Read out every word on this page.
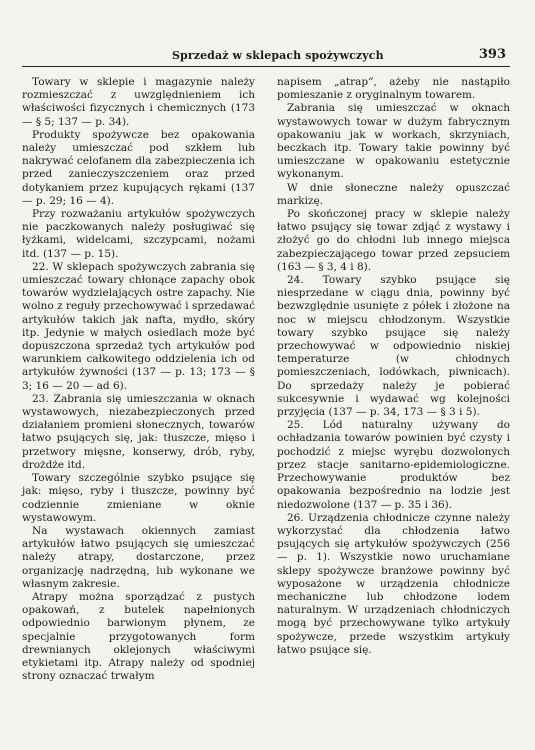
Sprzedaż w sklepach spożywczych	393

Towary w sklepie i magazynie należy rozmieszczać z uwzględnieniem ich właściwości fizycznych i chemicznych (173 — § 5; 137 — p. 34).

Produkty spożywcze bez opakowania należy umieszczać pod szkłem lub nakrywać celofanem dla zabezpieczenia ich przed zanieczyszczeniem oraz przed dotykaniem przez kupujących rękami (137 — p. 29; 16 — 4).

Przy rozważaniu artykułów spożywczych nie paczkowanych należy posługiwać się łyżkami, widelcami, szczypcami, nożami itd. (137 — p. 15).

22. W sklepach spożywczych zabrania się umieszczać towary chłonące zapachy obok towarów wydzielających ostre zapachy. Nie wolno z reguły przechowywać i sprzedawać artykułów takich jak nafta, mydło, skóry itp. Jedynie w małych osiedlach może być dopuszczona sprzedaż tych artykułów pod warunkiem całkowitego oddzielenia ich od artykułów żywności (137 — p. 13; 173 — § 3; 16 — 20 — ad 6).

23. Zabrania się umieszczania w oknach wystawowych, niezabezpieczonych przed działaniem promieni słonecznych, towarów łatwo psujących się, jak: tłuszcze, mięso i przetwory mięsne, konserwy, drób, ryby, drożdże itd.

Towary szczególnie szybko psujące się jak: mięso, ryby i tłuszcze, powinny być codziennie zmieniane w oknie wystawowym.

Na wystawach okiennych zamiast artykułów łatwo psujących się umieszczać należy atrapy, dostarczone, przez organizację nadrzędną, lub wykonane we własnym zakresie.

Atrapy można sporządzać z pustych opakowań, z butelek napełnionych odpowiednio barwionym płynem, ze specjalnie przygotowanych form drewnianych oklejonych właściwymi etykietami itp. Atrapy należy od spodniej strony oznaczać trwałym

napisem „atrap”, ażeby nie nastąpiło pomieszanie z oryginalnym towarem.

Zabrania się umieszczać w oknach wystawowych towar w dużym fabrycznym opakowaniu jak w workach, skrzyniach, beczkach itp. Towary takie powinny być umieszczane w opakowaniu estetycznie wykonanym.

W dnie słoneczne należy opuszczać markizę.

Po skończonej pracy w sklepie należy łatwo psujący się towar zdjąć z wystawy i złożyć go do chłodni lub innego miejsca zabezpieczającego towar przed zepsuciem (163 — § 3, 4 i 8).

24. Towary szybko psujące się niesprzedane w ciągu dnia, powinny być bezwzględnie usunięte z półek i złożone na noc w miejscu chłodzonym. Wszystkie towary szybko psujące się należy przechowywać w odpowiednio niskiej temperaturze (w chłodnych pomieszczeniach, lodówkach, piwnicach). Do sprzedaży należy je pobierać sukcesywnie i wydawać wg kolejności przyjęcia (137 — p. 34, 173 — § 3 i 5).

25. Lód naturalny używany do ochładzania towarów powinien być czysty i pochodzić z miejsc wyrębu dozwolonych przez stacje sanitarno-epidemiologiczne. Przechowywanie produktów bez opakowania bezpośrednio na lodzie jest niedozwolone (137 — p. 35 i 36).

26. Urządzenia chłodnicze czynne należy wykorzystać dla chłodzenia łatwo psujących się artykułów spożywczych (256 — p. 1). Wszystkie nowo uruchamiane sklepy spożywcze branżowe powinny być wyposażone w urządzenia chłodnicze mechaniczne lub chłodzone lodem naturalnym. W urządzeniach chłodniczych mogą być przechowywane tylko artykuły spożywcze, przede wszystkim artykuły łatwo psujące się.
